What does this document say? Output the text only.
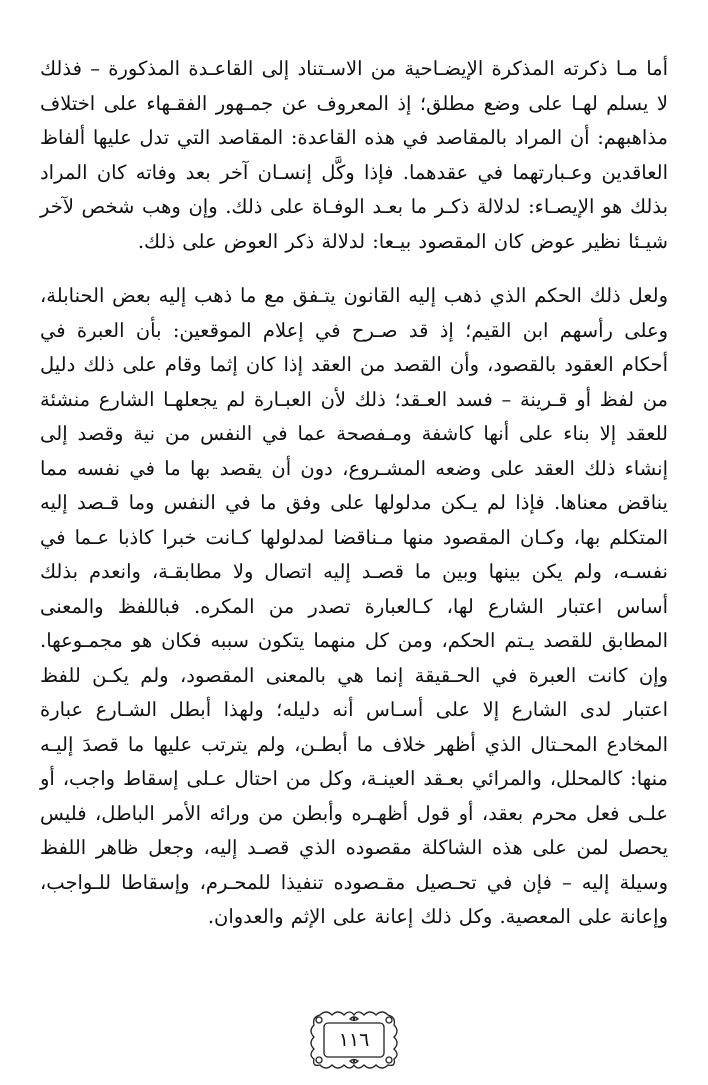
أما مـا ذكرته المذكرة الإيضـاحية من الاسـتناد إلى القاعـدة المذكورة – فذلك لا يسلم لهـا على وضع مطلق؛ إذ المعروف عن جمـهور الفقـهاء على اختلاف مذاهبهم: أن المراد بالمقاصد في هذه القاعدة: المقاصد التي تدل عليها ألفاظ العاقدين وعـبارتهما في عقدهما. فإذا وكَّل إنسـان آخر بعد وفاته كان المراد بذلك هو الإيصـاء: لدلالة ذكـر ما بعـد الوفـاة على ذلك. وإن وهب شخص لآخر شيـئا نظير عوض كان المقصود بيـعا: لدلالة ذكر العوض على ذلك.

ولعل ذلك الحكم الذي ذهب إليه القانون يتـفق مع ما ذهب إليه بعض الحنابلة، وعلى رأسهم ابن القيم؛ إذ قد صـرح في إعلام الموقعين: بأن العبرة في أحكام العقود بالقصود، وأن القصد من العقد إذا كان إثما وقام على ذلك دليل من لفظ أو قـرينة – فسد العـقد؛ ذلك لأن العبـارة لم يجعلهـا الشارع منشئة للعقد إلا بناء على أنها كاشفة ومـفصحة عما في النفس من نية وقصد إلى إنشاء ذلك العقد على وضعه المشـروع، دون أن يقصد بها ما في نفسه مما يناقض معناها. فإذا لم يـكن مدلولها على وفق ما في النفس وما قـصد إليه المتكلم بها، وكـان المقصود منها مـناقضا لمدلولها كـانت خبرا كاذبا عـما في نفسـه، ولم يكن بينها وبين ما قصـد إليه اتصال ولا مطابقـة، وانعدم بذلك أساس اعتبار الشارع لها، كـالعبارة تصدر من المكره. فباللفظ والمعنى المطابق للقصد يـتم الحكم، ومن كل منهما يتكون سببه فكان هو مجمـوعها. وإن كانت العبرة في الحـقيقة إنما هي بالمعنى المقصود، ولم يكـن للفظ اعتبار لدى الشارع إلا على أسـاس أنه دليله؛ ولهذا أبطل الشـارع عبارة المخادع المحـتال الذي أظهر خلاف ما أبطـن، ولم يترتب عليها ما قصدَ إليـه منها: كالمحلل، والمرائي بعـقد العينـة، وكل من احتال عـلى إسقاط واجب، أو علـى فعل محرم بعقد، أو قول أظهـره وأبطن من ورائه الأمر الباطل، فليس يحصل لمن على هذه الشاكلة مقصوده الذي قصـد إليه، وجعل ظاهر اللفظ وسيلة إليه – فإن في تحـصيل مقـصوده تنفيذا للمحـرم، وإسقاطا للـواجب، وإعانة على المعصية. وكل ذلك إعانة على الإثم والعدوان.

١١٦
